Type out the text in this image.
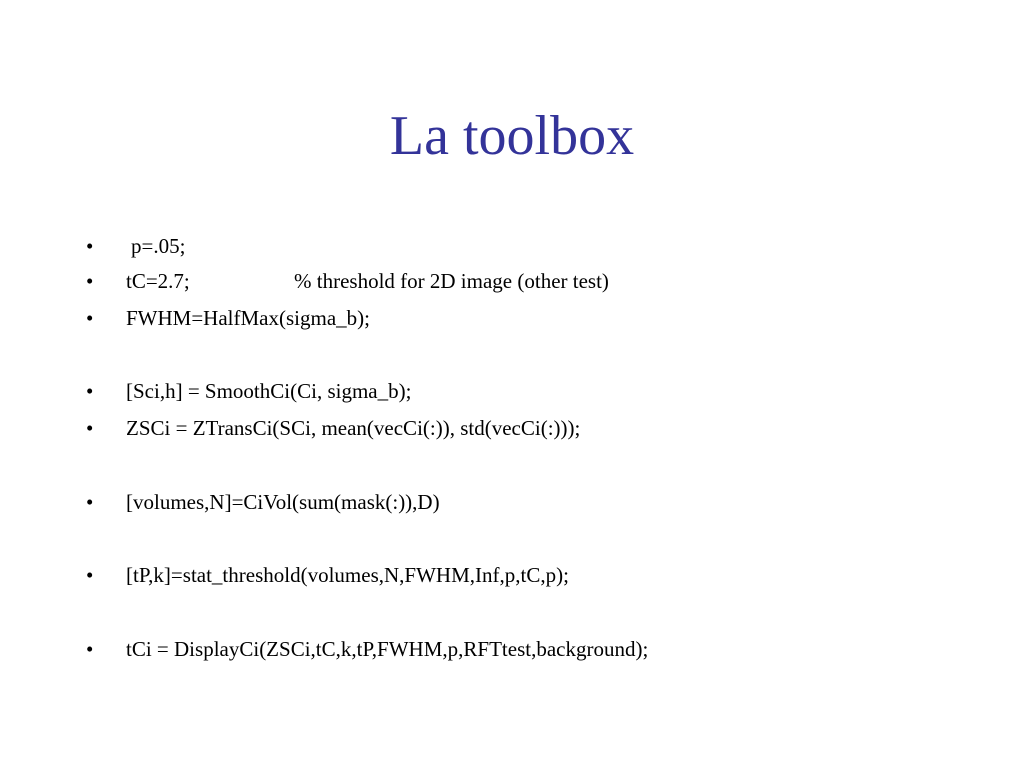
La toolbox

•

p=.05;

•

tC=2.7;

	% threshold for 2D image (other test)

•

FWHM=HalfMax(sigma_b);

•

[Sci,h] = SmoothCi(Ci, sigma_b);

•

ZSCi = ZTransCi(SCi, mean(vecCi(:)), std(vecCi(:)));

•

[volumes,N]=CiVol(sum(mask(:)),D)

•

[tP,k]=stat_threshold(volumes,N,FWHM,Inf,p,tC,p);

•

tCi = DisplayCi(ZSCi,tC,k,tP,FWHM,p,RFTtest,background);
